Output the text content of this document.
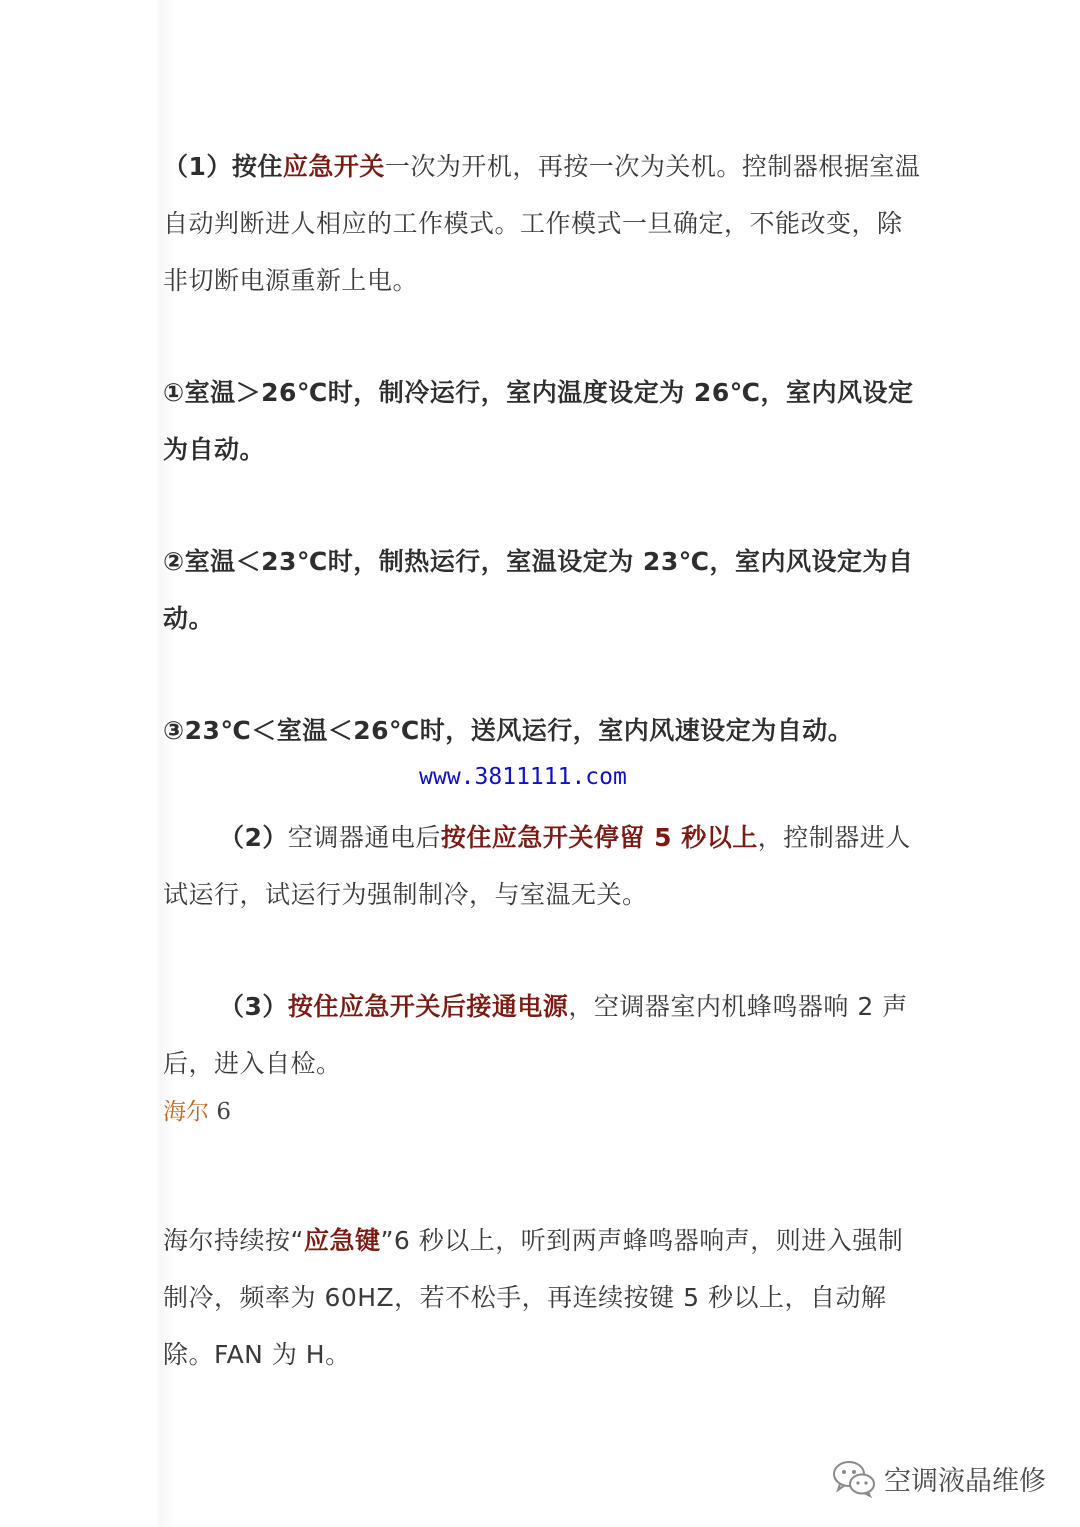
（1）按住应急开关一次为开机，再按一次为关机。控制器根据室温自动判断进人相应的工作模式。工作模式一旦确定，不能改变，除非切断电源重新上电。

①室温＞26℃时，制冷运行，室内温度设定为 26℃，室内风设定为自动。

②室温＜23℃时，制热运行，室温设定为 23℃，室内风设定为自动。

③23℃＜室温＜26℃时，送风运行，室内风速设定为自动。

www.3811111.com

（2）空调器通电后按住应急开关停留 5 秒以上，控制器进人试运行，试运行为强制制冷，与室温无关。

（3）按住应急开关后接通电源，空调器室内机蜂鸣器响 2 声后，进入自检。

海尔 6

海尔持续按“应急键”6 秒以上，听到两声蜂鸣器响声，则进入强制制冷，频率为 60HZ，若不松手，再连续按键 5 秒以上，自动解除。FAN 为 H。

空调液晶维修
